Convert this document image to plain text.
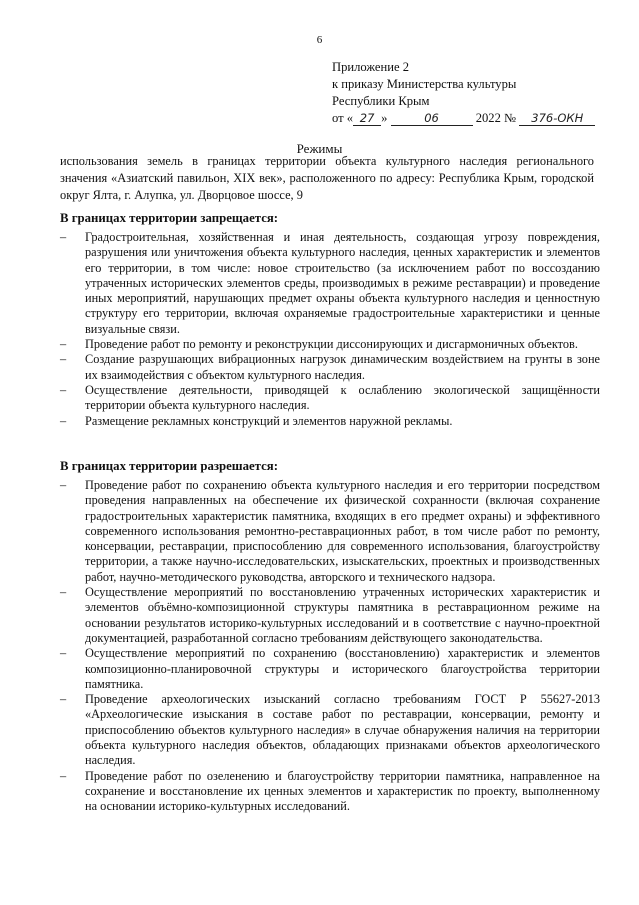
6
Приложение 2
к приказу Министерства культуры
Республики Крым
от « 27 »	06	2022 № 376-ОКН
Режимы
использования земель в границах территории объекта культурного наследия регионального значения «Азиатский павильон, XIX век», расположенного по адресу: Республика Крым, городской округ Ялта, г. Алупка, ул. Дворцовое шоссе, 9

В границах территории запрещается:

– Градостроительная, хозяйственная и иная деятельность, создающая угрозу повреждения, разрушения или уничтожения объекта культурного наследия, ценных характеристик и элементов его территории, в том числе: новое строительство (за исключением работ по воссозданию утраченных исторических элементов среды, производимых в режиме реставрации) и проведение иных мероприятий, нарушающих предмет охраны объекта культурного наследия и ценностную структуру его территории, включая охраняемые градостроительные характеристики и ценные визуальные связи.
– Проведение работ по ремонту и реконструкции диссонирующих и дисгармоничных объектов.
– Создание разрушающих вибрационных нагрузок динамическим воздействием на грунты в зоне их взаимодействия с объектом культурного наследия.
– Осуществление деятельности, приводящей к ослаблению экологической защищённости территории объекта культурного наследия.
– Размещение рекламных конструкций и элементов наружной рекламы.

В границах территории разрешается:

– Проведение работ по сохранению объекта культурного наследия и его территории посредством проведения направленных на обеспечение их физической сохранности (включая сохранение градостроительных характеристик памятника, входящих в его предмет охраны) и эффективного современного использования ремонтно-реставрационных работ, в том числе работ по ремонту, консервации, реставрации, приспособлению для современного использования, благоустройству территории, а также научно-исследовательских, изыскательских, проектных и производственных работ, научно-методического руководства, авторского и технического надзора.
– Осуществление мероприятий по восстановлению утраченных исторических характеристик и элементов объёмно-композиционной структуры памятника в реставрационном режиме на основании результатов историко-культурных исследований и в соответствие с научно-проектной документацией, разработанной согласно требованиям действующего законодательства.
– Осуществление мероприятий по сохранению (восстановлению) характеристик и элементов композиционно-планировочной структуры и исторического благоустройства территории памятника.
– Проведение археологических изысканий согласно требованиям ГОСТ Р 55627-2013 «Археологические изыскания в составе работ по реставрации, консервации, ремонту и приспособлению объектов культурного наследия» в случае обнаружения наличия на территории объекта культурного наследия объектов, обладающих признаками объектов археологического наследия.
– Проведение работ по озеленению и благоустройству территории памятника, направленное на сохранение и восстановление их ценных элементов и характеристик по проекту, выполненному на основании историко-культурных исследований.
